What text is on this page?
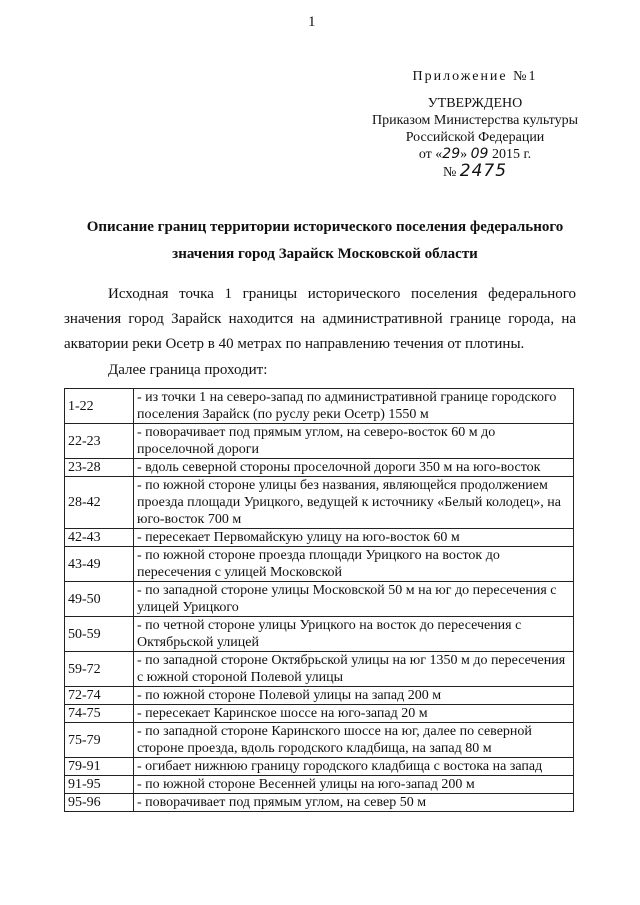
1
Приложение №1
УТВЕРЖДЕНО
Приказом Министерства культуры
Российской Федерации
от «29» 09 2015 г.
№ 2475
Описание границ территории исторического поселения федерального
значения город Зарайск Московской области
Исходная точка 1 границы исторического поселения федерального значения город Зарайск находится на административной границе города, на акватории реки Осетр в 40 метрах по направлению течения от плотины.
Далее граница проходит:
1-22	- из точки 1 на северо-запад по административной границе городского поселения Зарайск (по руслу реки Осетр) 1550 м
22-23	- поворачивает под прямым углом, на северо-восток 60 м до проселочной дороги
23-28	- вдоль северной стороны проселочной дороги 350 м на юго-восток
28-42	- по южной стороне улицы без названия, являющейся продолжением проезда площади Урицкого, ведущей к источнику «Белый колодец», на юго-восток 700 м
42-43	- пересекает Первомайскую улицу на юго-восток 60 м
43-49	- по южной стороне проезда площади Урицкого на восток до пересечения с улицей Московской
49-50	- по западной стороне улицы Московской 50 м на юг до пересечения с улицей Урицкого
50-59	- по четной стороне улицы Урицкого на восток до пересечения с Октябрьской улицей
59-72	- по западной стороне Октябрьской улицы на юг 1350 м до пересечения с южной стороной Полевой улицы
72-74	- по южной стороне Полевой улицы на запад 200 м
74-75	- пересекает Каринское шоссе на юго-запад 20 м
75-79	- по западной стороне Каринского шоссе на юг, далее по северной стороне проезда, вдоль городского кладбища, на запад 80 м
79-91	- огибает нижнюю границу городского кладбища с востока на запад
91-95	- по южной стороне Весенней улицы на юго-запад 200 м
95-96	- поворачивает под прямым углом, на север 50 м
